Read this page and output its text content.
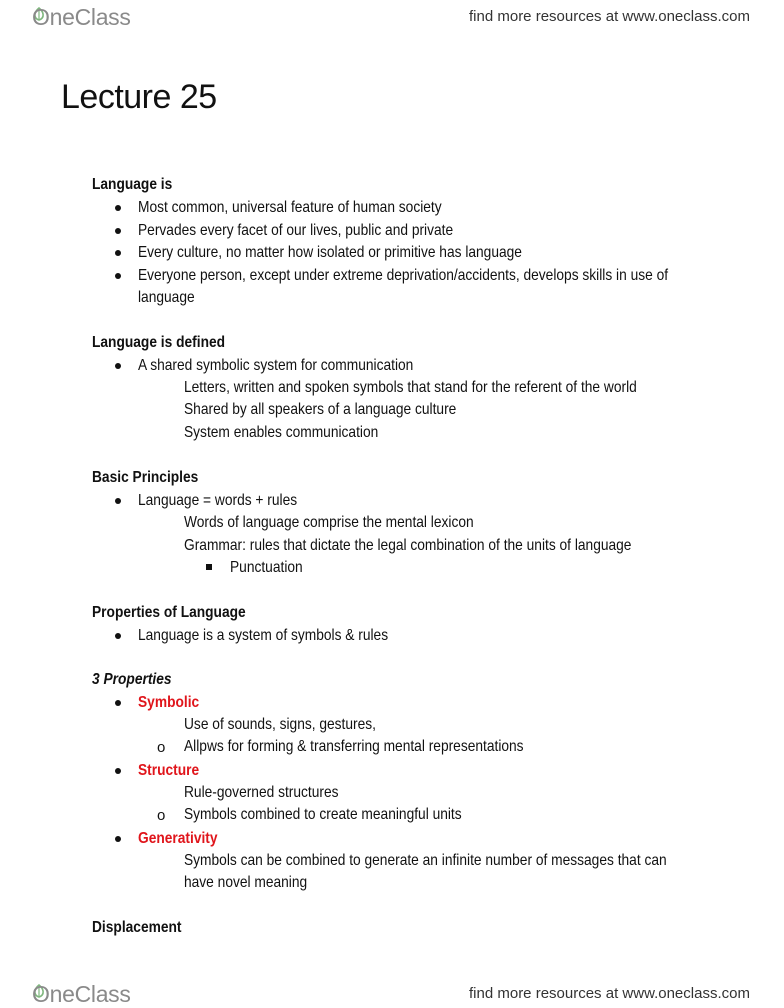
OneClass	find more resources at www.oneclass.com
Lecture 25
Language is
Most common, universal feature of human society
Pervades every facet of our lives, public and private
Every culture, no matter how isolated or primitive has language
Everyone person, except under extreme deprivation/accidents, develops skills in use of
language
Language is defined
A shared symbolic system for communication
Letters, written and spoken symbols that stand for the referent of the world
Shared by all speakers of a language culture
System enables communication
Basic Principles
Language = words + rules
Words of language comprise the mental lexicon
Grammar: rules that dictate the legal combination of the units of language
Punctuation
Properties of Language
Language is a system of symbols & rules
3 Properties
Symbolic
Use of sounds, signs, gestures,
o Allpws for forming & transferring mental representations
Structure
Rule-governed structures
o Symbols combined to create meaningful units
Generativity
Symbols can be combined to generate an infinite number of messages that can
have novel meaning
Displacement
OneClass	find more resources at www.oneclass.com
